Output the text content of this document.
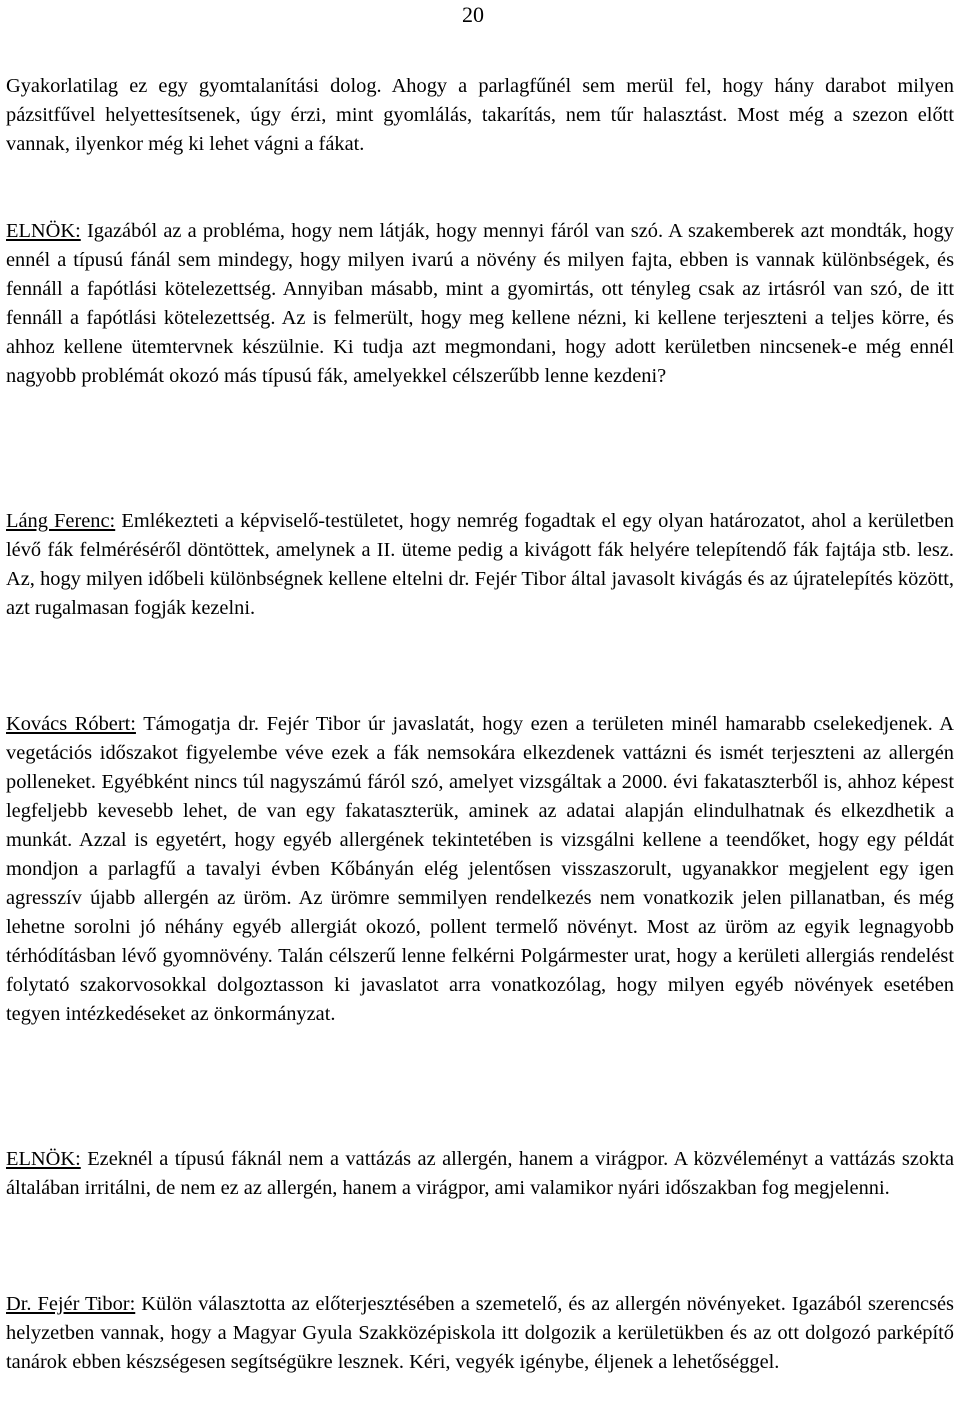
20

Gyakorlatilag ez egy gyomtalanítási dolog. Ahogy a parlagfűnél sem merül fel, hogy hány darabot milyen pázsitfűvel helyettesítsenek, úgy érzi, mint gyomlálás, takarítás, nem tűr halasztást. Most még a szezon előtt vannak, ilyenkor még ki lehet vágni a fákat.

ELNÖK: Igazából az a probléma, hogy nem látják, hogy mennyi fáról van szó. A szakemberek azt mondták, hogy ennél a típusú fánál sem mindegy, hogy milyen ivarú a növény és milyen fajta, ebben is vannak különbségek, és fennáll a fapótlási kötelezettség. Annyiban másabb, mint a gyomirtás, ott tényleg csak az irtásról van szó, de itt fennáll a fapótlási kötelezettség. Az is felmerült, hogy meg kellene nézni, ki kellene terjeszteni a teljes körre, és ahhoz kellene ütemtervnek készülnie. Ki tudja azt megmondani, hogy adott kerületben nincsenek-e még ennél nagyobb problémát okozó más típusú fák, amelyekkel célszerűbb lenne kezdeni?

Láng Ferenc: Emlékezteti a képviselő-testületet, hogy nemrég fogadtak el egy olyan határozatot, ahol a kerületben lévő fák felméréséről döntöttek, amelynek a II. üteme pedig a kivágott fák helyére telepítendő fák fajtája stb. lesz. Az, hogy milyen időbeli különbségnek kellene eltelni dr. Fejér Tibor által javasolt kivágás és az újratelepítés között, azt rugalmasan fogják kezelni.

Kovács Róbert: Támogatja dr. Fejér Tibor úr javaslatát, hogy ezen a területen minél hamarabb cselekedjenek. A vegetációs időszakot figyelembe véve ezek a fák nemsokára elkezdenek vattázni és ismét terjeszteni az allergén polleneket. Egyébként nincs túl nagyszámú fáról szó, amelyet vizsgáltak a 2000. évi fakataszterből is, ahhoz képest legfeljebb kevesebb lehet, de van egy fakataszterük, aminek az adatai alapján elindulhatnak és elkezdhetik a munkát. Azzal is egyetért, hogy egyéb allergének tekintetében is vizsgálni kellene a teendőket, hogy egy példát mondjon a parlagfű a tavalyi évben Kőbányán elég jelentősen visszaszorult, ugyanakkor megjelent egy igen agresszív újabb allergén az üröm. Az ürömre semmilyen rendelkezés nem vonatkozik jelen pillanatban, és még lehetne sorolni jó néhány egyéb allergiát okozó, pollent termelő növényt. Most az üröm az egyik legnagyobb térhódításban lévő gyomnövény. Talán célszerű lenne felkérni Polgármester urat, hogy a kerületi allergiás rendelést folytató szakorvosokkal dolgoztasson ki javaslatot arra vonatkozólag, hogy milyen egyéb növények esetében tegyen intézkedéseket az önkormányzat.

ELNÖK: Ezeknél a típusú fáknál nem a vattázás az allergén, hanem a virágpor. A közvéleményt a vattázás szokta általában irritálni, de nem ez az allergén, hanem a virágpor, ami valamikor nyári időszakban fog megjelenni.

Dr. Fejér Tibor: Külön választotta az előterjesztésében a szemetelő, és az allergén növényeket. Igazából szerencsés helyzetben vannak, hogy a Magyar Gyula Szakközépiskola itt dolgozik a kerületükben és az ott dolgozó parképítő tanárok ebben készségesen segítségükre lesznek. Kéri, vegyék igénybe, éljenek a lehetőséggel.
